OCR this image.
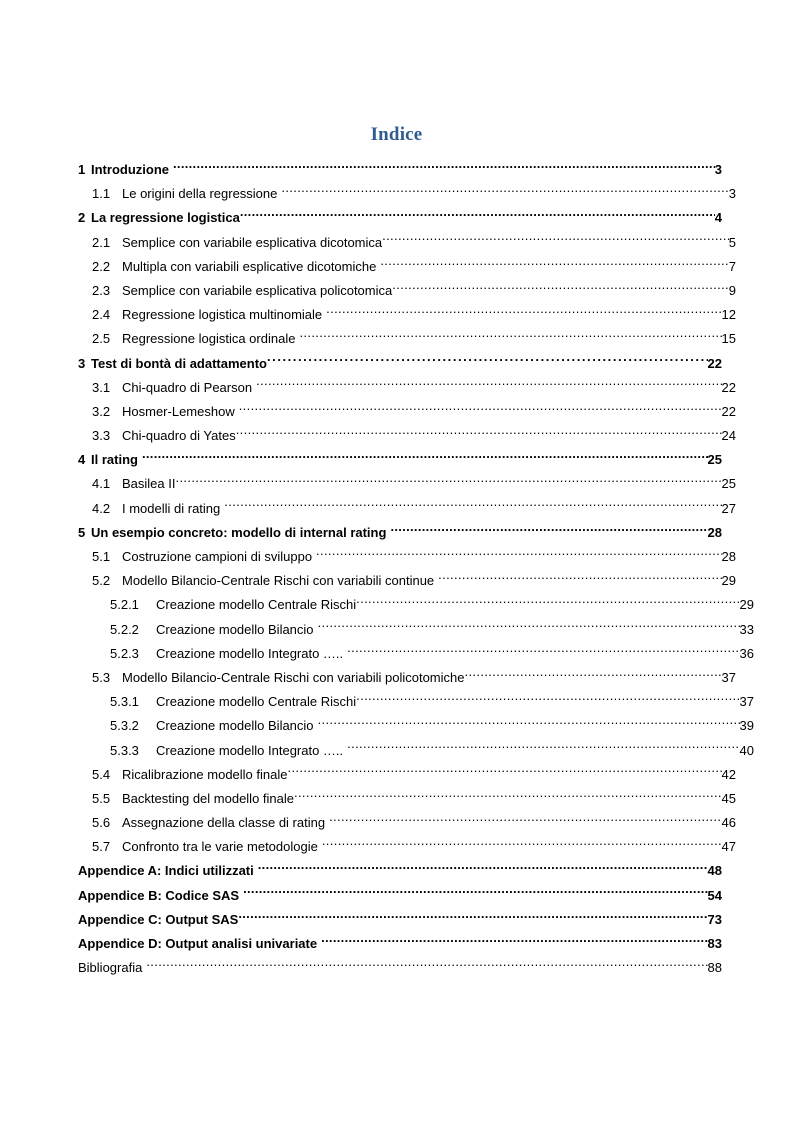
Indice
1 Introduzione .....	3
1.1 Le origini della regressione .....	3
2 La regressione logistica .....	4
2.1 Semplice con variabile esplicativa dicotomica .....	5
2.2 Multipla con variabili esplicative dicotomiche .....	7
2.3 Semplice con variabile esplicativa policotomica .....	9
2.4 Regressione logistica multinomiale .....	12
2.5 Regressione logistica ordinale .....	15
3 Test di bontà di adattamento .....	22
3.1 Chi-quadro di Pearson .....	22
3.2 Hosmer-Lemeshow .....	22
3.3 Chi-quadro di Yates .....	24
4 Il rating .....	25
4.1 Basilea II .....	25
4.2 I modelli di rating .....	27
5 Un esempio concreto: modello di internal rating .....	28
5.1 Costruzione campioni di sviluppo .....	28
5.2 Modello Bilancio-Centrale Rischi con variabili continue .....	29
5.2.1	Creazione modello Centrale Rischi .....	29
5.2.2	Creazione modello Bilancio .....	33
5.2.3	Creazione modello Integrato ….. .....	36
5.3 Modello Bilancio-Centrale Rischi con variabili policotomiche .....	37
5.3.1	Creazione modello Centrale Rischi .....	37
5.3.2	Creazione modello Bilancio .....	39
5.3.3	Creazione modello Integrato ….. .....	40
5.4 Ricalibrazione modello finale .....	42
5.5 Backtesting del modello finale .....	45
5.6 Assegnazione della classe di rating .....	46
5.7 Confronto tra le varie metodologie .....	47
Appendice A: Indici utilizzati .....	48
Appendice B: Codice SAS .....	54
Appendice C: Output SAS .....	73
Appendice D: Output analisi univariate .....	83
Bibliografia .....	88
